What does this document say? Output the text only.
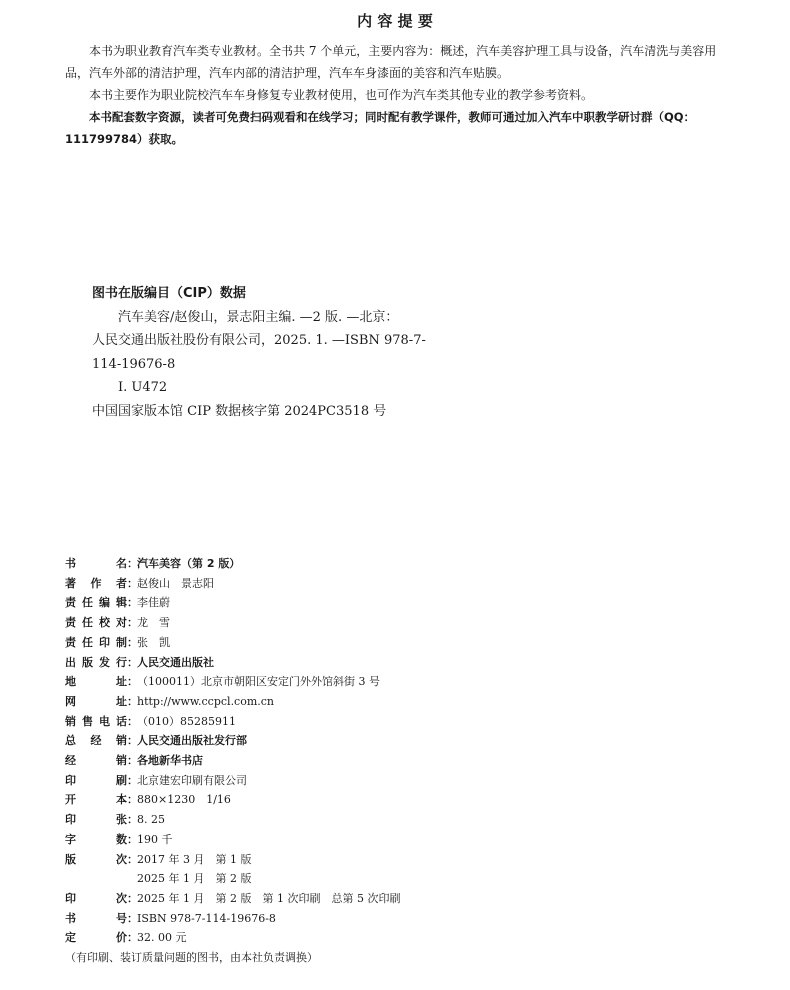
内 容 提 要

本书为职业教育汽车类专业教材。全书共 7 个单元，主要内容为：概述，汽车美容护理工具与设备，汽车清洗与美容用品，汽车外部的清洁护理，汽车内部的清洁护理，汽车车身漆面的美容和汽车贴膜。

本书主要作为职业院校汽车车身修复专业教材使用，也可作为汽车类其他专业的教学参考资料。

本书配套数字资源，读者可免费扫码观看和在线学习；同时配有教学课件，教师可通过加入汽车中职教学研讨群（QQ：111799784）获取。

图书在版编目（CIP）数据
汽车美容/赵俊山，景志阳主编. —2 版. —北京：
人民交通出版社股份有限公司，2025. 1. —ISBN 978-7-
114-19676-8
Ⅰ. U472
中国国家版本馆 CIP 数据核字第 2024PC3518 号
书　　名 ： 汽车美容（第 2 版）
著 作 者 ： 赵俊山　景志阳
责任编辑 ： 李佳蔚
责任校对 ： 龙　雪
责任印制 ： 张　凯
出版发行 ： 人民交通出版社
地　　址 ： （100011）北京市朝阳区安定门外外馆斜街 3 号
网　　址 ： http://www.ccpcl.com.cn
销售电话 ： （010）85285911
总 经 销 ： 人民交通出版社发行部
经　　销 ： 各地新华书店
印　　刷 ： 北京建宏印刷有限公司
开　　本 ： 880×1230　1/16
印　　张 ： 8. 25
字　　数 ： 190 千
版　　次 ： 2017 年 3 月　第 1 版
2025 年 1 月　第 2 版
印　　次 ： 2025 年 1 月　第 2 版　第 1 次印刷　总第 5 次印刷
书　　号 ： ISBN 978-7-114-19676-8
定　　价 ： 32. 00 元
（有印刷、装订质量问题的图书，由本社负责调换）
